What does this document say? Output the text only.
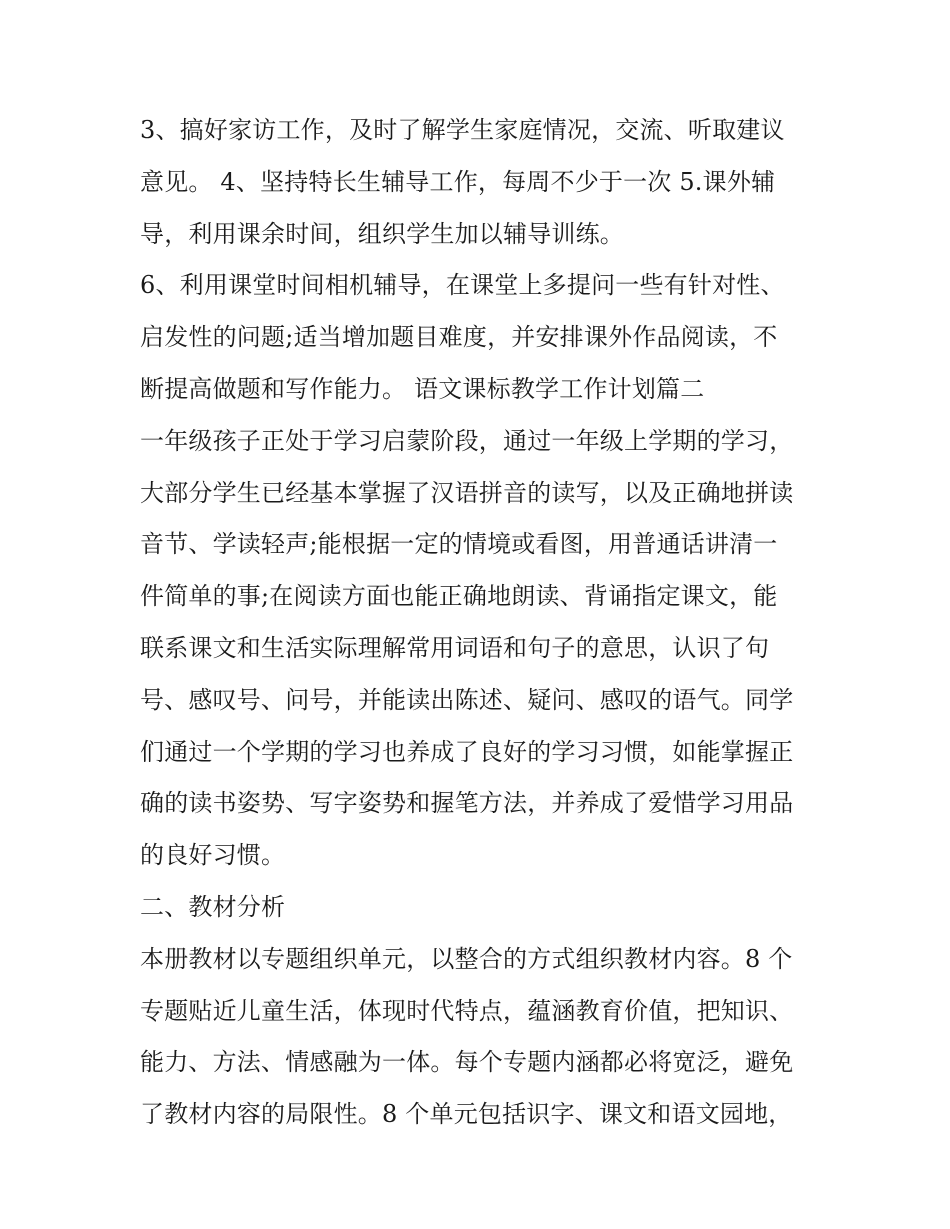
3、搞好家访工作，及时了解学生家庭情况，交流、听取建议
意见。 4、坚持特长生辅导工作，每周不少于一次 5.课外辅
导，利用课余时间，组织学生加以辅导训练。
6、利用课堂时间相机辅导，在课堂上多提问一些有针对性、
启发性的问题;适当增加题目难度，并安排课外作品阅读，不
断提高做题和写作能力。 语文课标教学工作计划篇二
一年级孩子正处于学习启蒙阶段，通过一年级上学期的学习，
大部分学生已经基本掌握了汉语拼音的读写，以及正确地拼读
音节、学读轻声;能根据一定的情境或看图，用普通话讲清一
件简单的事;在阅读方面也能正确地朗读、背诵指定课文，能
联系课文和生活实际理解常用词语和句子的意思，认识了句
号、感叹号、问号，并能读出陈述、疑问、感叹的语气。同学
们通过一个学期的学习也养成了良好的学习习惯，如能掌握正
确的读书姿势、写字姿势和握笔方法，并养成了爱惜学习用品
的良好习惯。
二、教材分析
本册教材以专题组织单元，以整合的方式组织教材内容。8 个
专题贴近儿童生活，体现时代特点，蕴涵教育价值，把知识、
能力、方法、情感融为一体。每个专题内涵都必将宽泛，避免
了教材内容的局限性。8 个单元包括识字、课文和语文园地，
